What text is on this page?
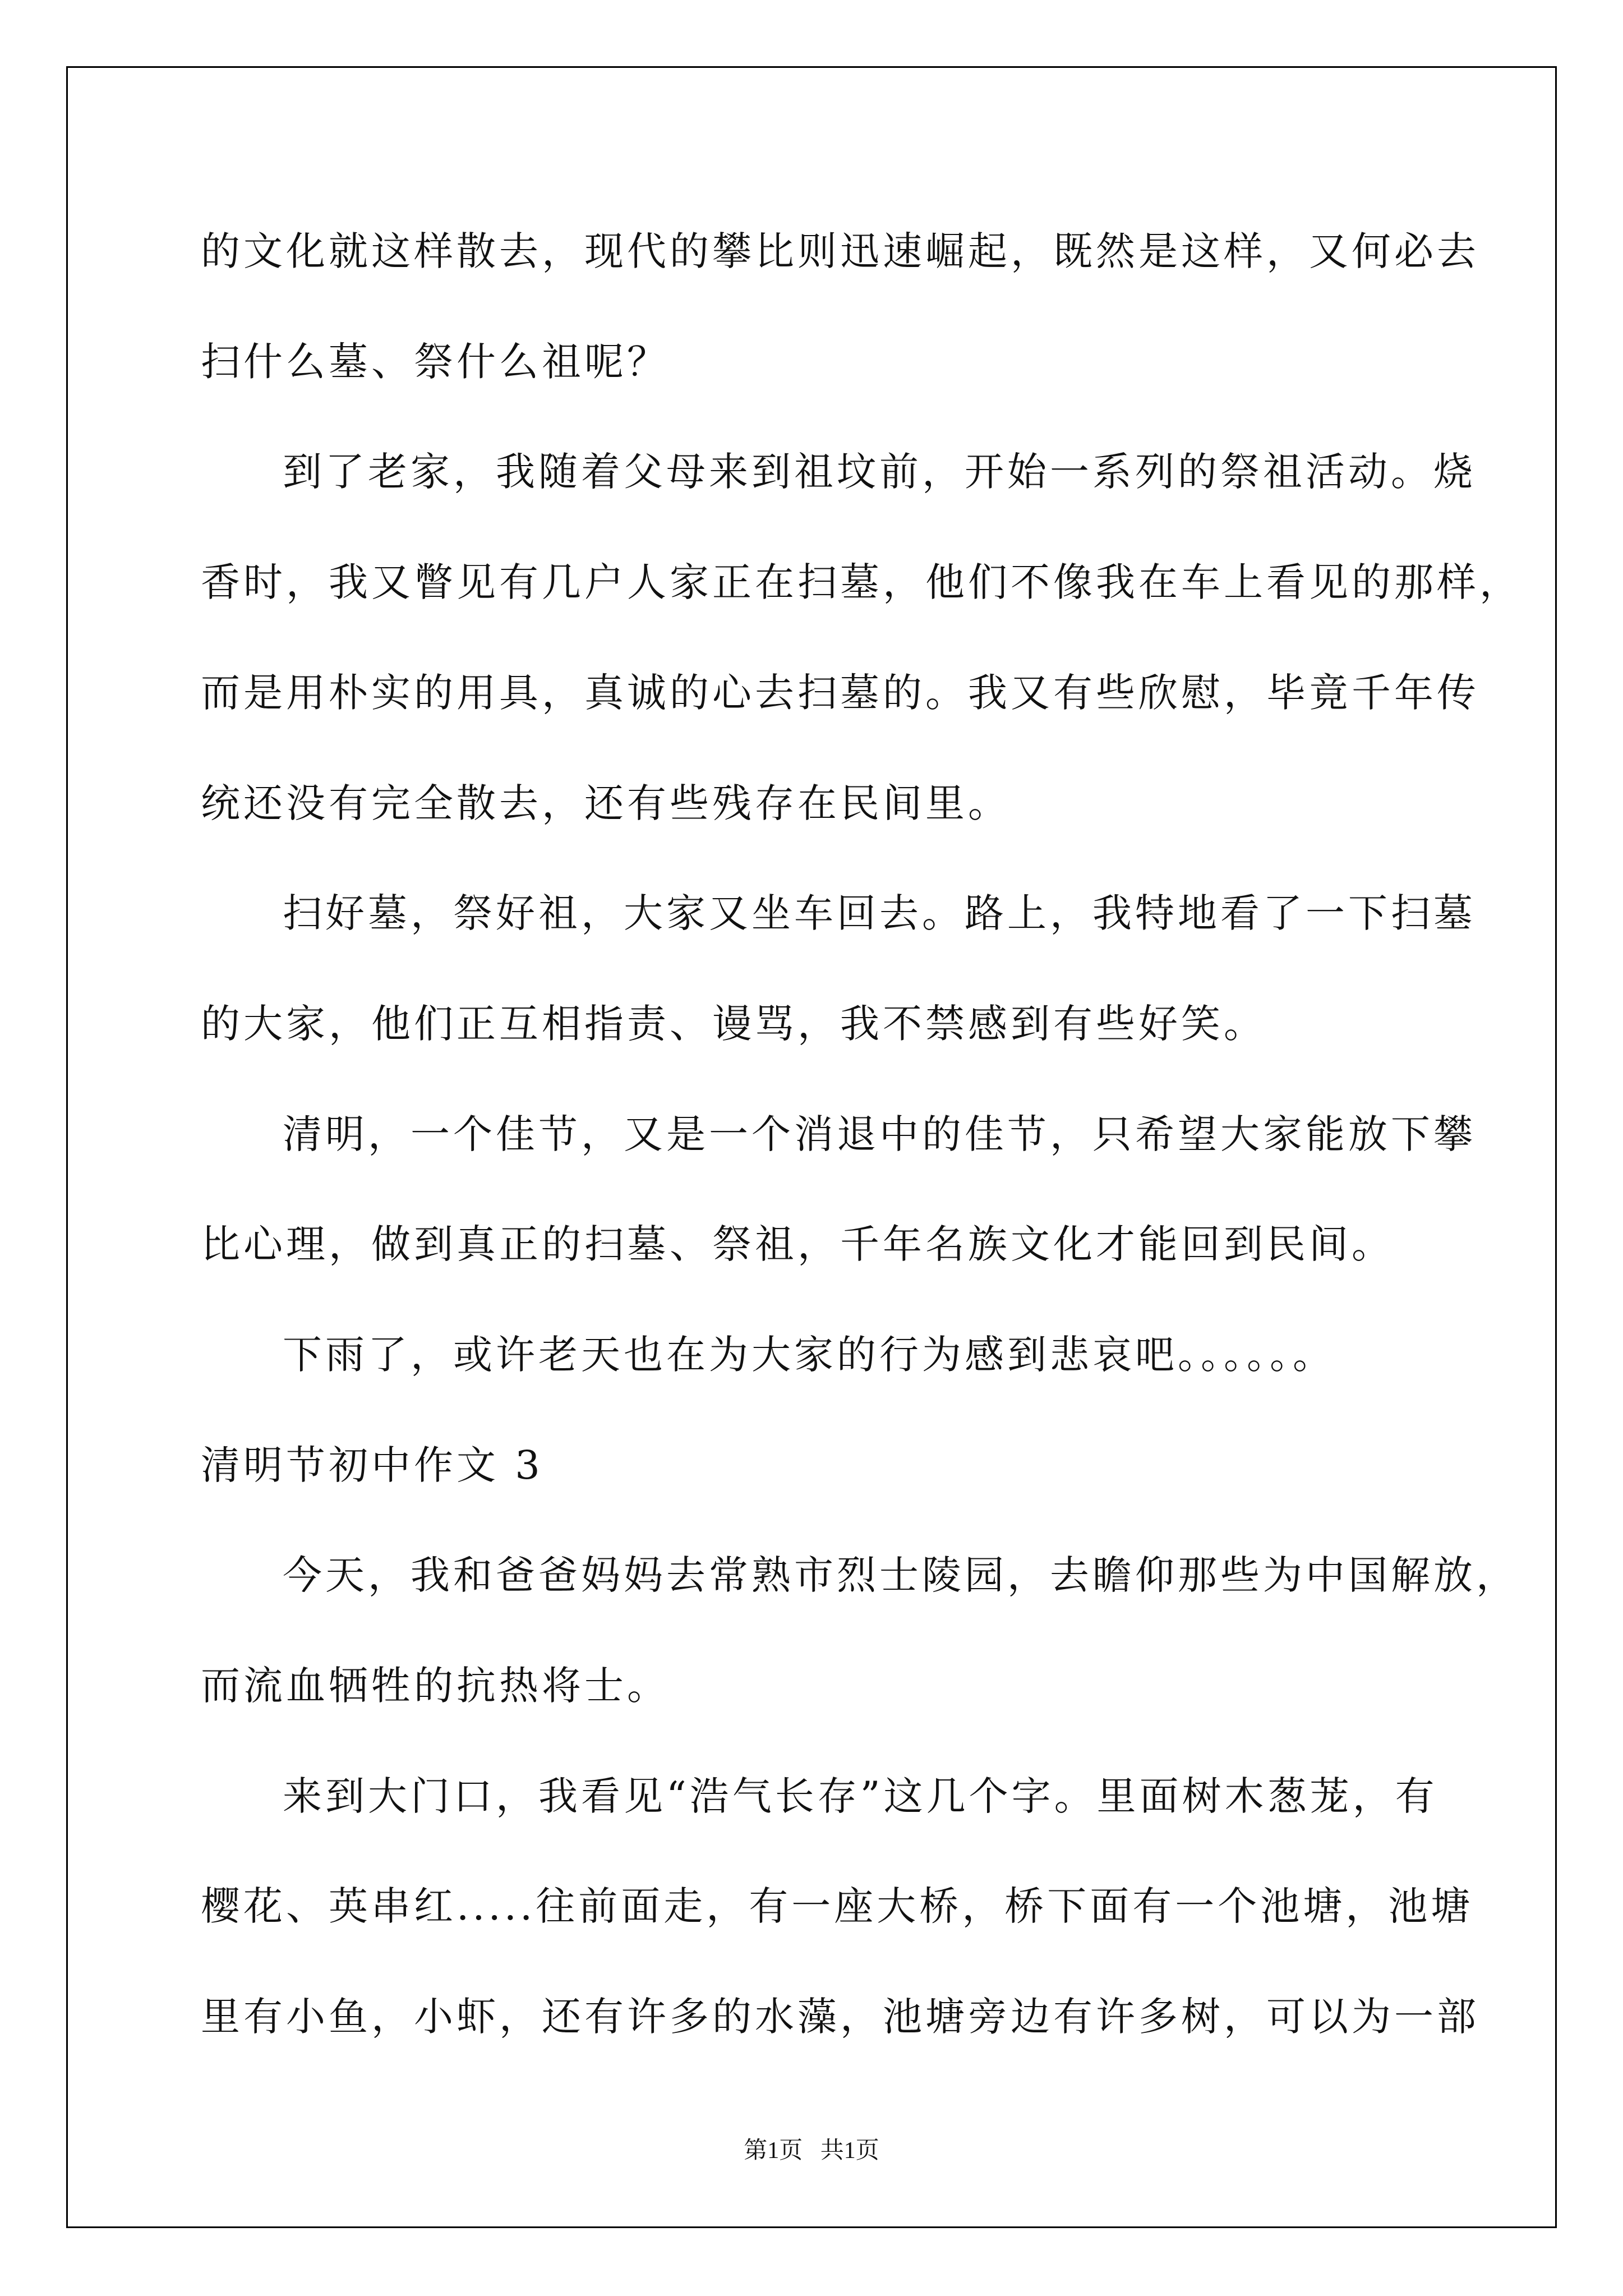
的文化就这样散去，现代的攀比则迅速崛起，既然是这样，又何必去
扫什么墓、祭什么祖呢？
到了老家，我随着父母来到祖坟前，开始一系列的祭祖活动。烧
香时，我又瞥见有几户人家正在扫墓，他们不像我在车上看见的那样，
而是用朴实的用具，真诚的心去扫墓的。我又有些欣慰，毕竟千年传
统还没有完全散去，还有些残存在民间里。
扫好墓，祭好祖，大家又坐车回去。路上，我特地看了一下扫墓
的大家，他们正互相指责、谩骂，我不禁感到有些好笑。
清明，一个佳节，又是一个消退中的佳节，只希望大家能放下攀
比心理，做到真正的扫墓、祭祖，千年名族文化才能回到民间。
下雨了，或许老天也在为大家的行为感到悲哀吧。。。。。。
清明节初中作文 3
今天，我和爸爸妈妈去常熟市烈士陵园，去瞻仰那些为中国解放，
而流血牺牲的抗热将士。
来到大门口，我看见“浩气长存”这几个字。里面树木葱茏，有
樱花、英串红.....往前面走，有一座大桥，桥下面有一个池塘，池塘
里有小鱼，小虾，还有许多的水藻，池塘旁边有许多树，可以为一部
第1页   共1页
